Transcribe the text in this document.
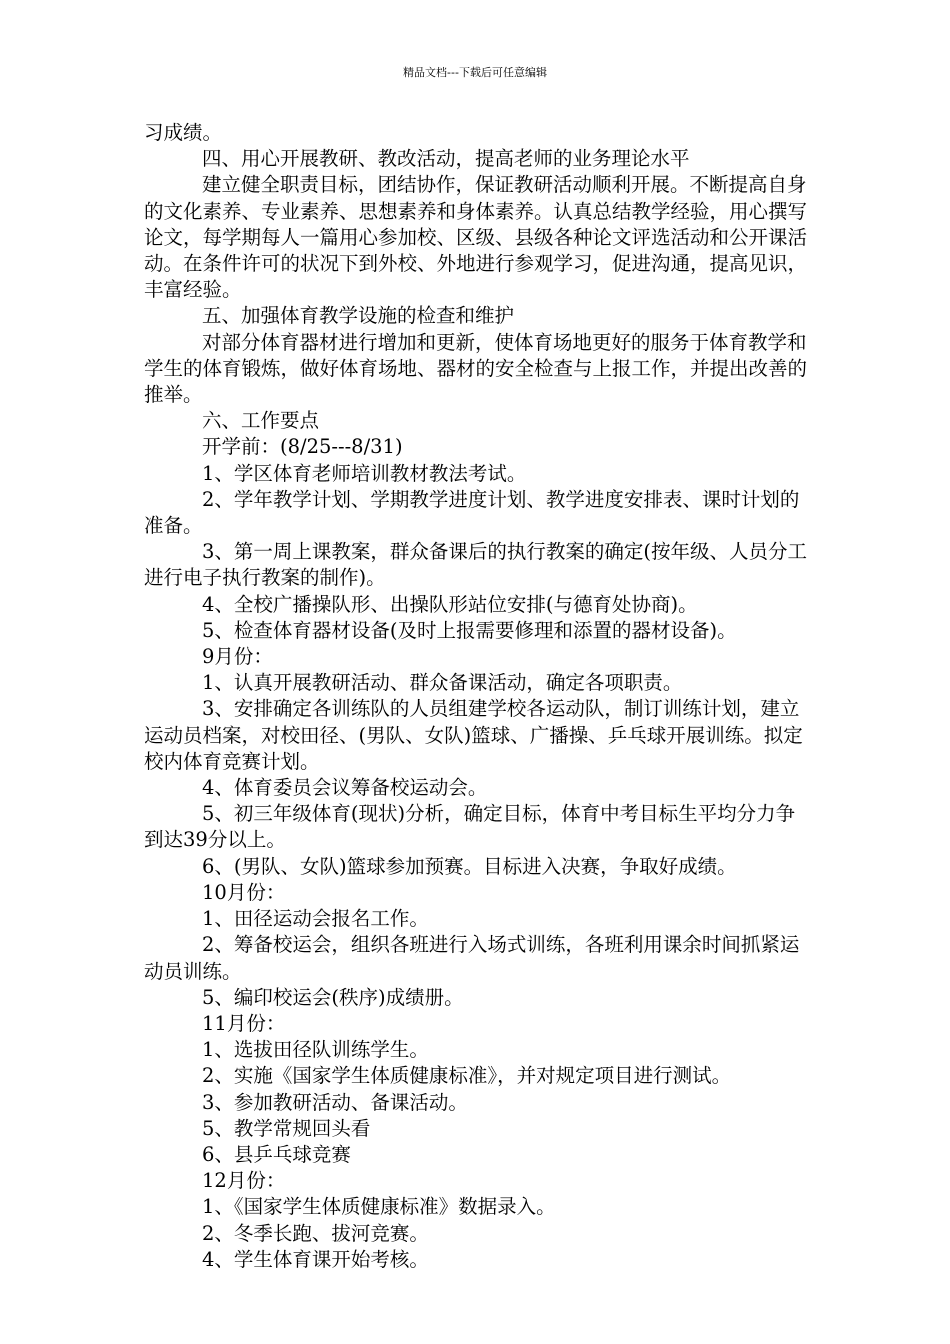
精品文档---下载后可任意编辑

习成绩。

四、用心开展教研、教改活动，提高老师的业务理论水平

建立健全职责目标，团结协作，保证教研活动顺利开展。不断提高自身的文化素养、专业素养、思想素养和身体素养。认真总结教学经验，用心撰写论文，每学期每人一篇用心参加校、区级、县级各种论文评选活动和公开课活动。在条件许可的状况下到外校、外地进行参观学习，促进沟通，提高见识，丰富经验。

五、加强体育教学设施的检查和维护

对部分体育器材进行增加和更新，使体育场地更好的服务于体育教学和学生的体育锻炼，做好体育场地、器材的安全检查与上报工作，并提出改善的推举。

六、工作要点

开学前：(8/25---8/31)

1、学区体育老师培训教材教法考试。

2、学年教学计划、学期教学进度计划、教学进度安排表、课时计划的准备。

3、第一周上课教案，群众备课后的执行教案的确定(按年级、人员分工进行电子执行教案的制作)。

4、全校广播操队形、出操队形站位安排(与德育处协商)。

5、检查体育器材设备(及时上报需要修理和添置的器材设备)。

9月份：

1、认真开展教研活动、群众备课活动，确定各项职责。

3、安排确定各训练队的人员组建学校各运动队，制订训练计划，建立运动员档案，对校田径、(男队、女队)篮球、广播操、乒乓球开展训练。拟定校内体育竞赛计划。

4、体育委员会议筹备校运动会。

5、初三年级体育(现状)分析，确定目标，体育中考目标生平均分力争到达39分以上。

6、(男队、女队)篮球参加预赛。目标进入决赛，争取好成绩。

10月份：

1、田径运动会报名工作。

2、筹备校运会，组织各班进行入场式训练，各班利用课余时间抓紧运动员训练。

5、编印校运会(秩序)成绩册。

11月份：

1、选拔田径队训练学生。

2、实施《国家学生体质健康标准》，并对规定项目进行测试。

3、参加教研活动、备课活动。

5、教学常规回头看

6、县乒乓球竞赛

12月份：

1、《国家学生体质健康标准》数据录入。

2、冬季长跑、拔河竞赛。

4、学生体育课开始考核。
